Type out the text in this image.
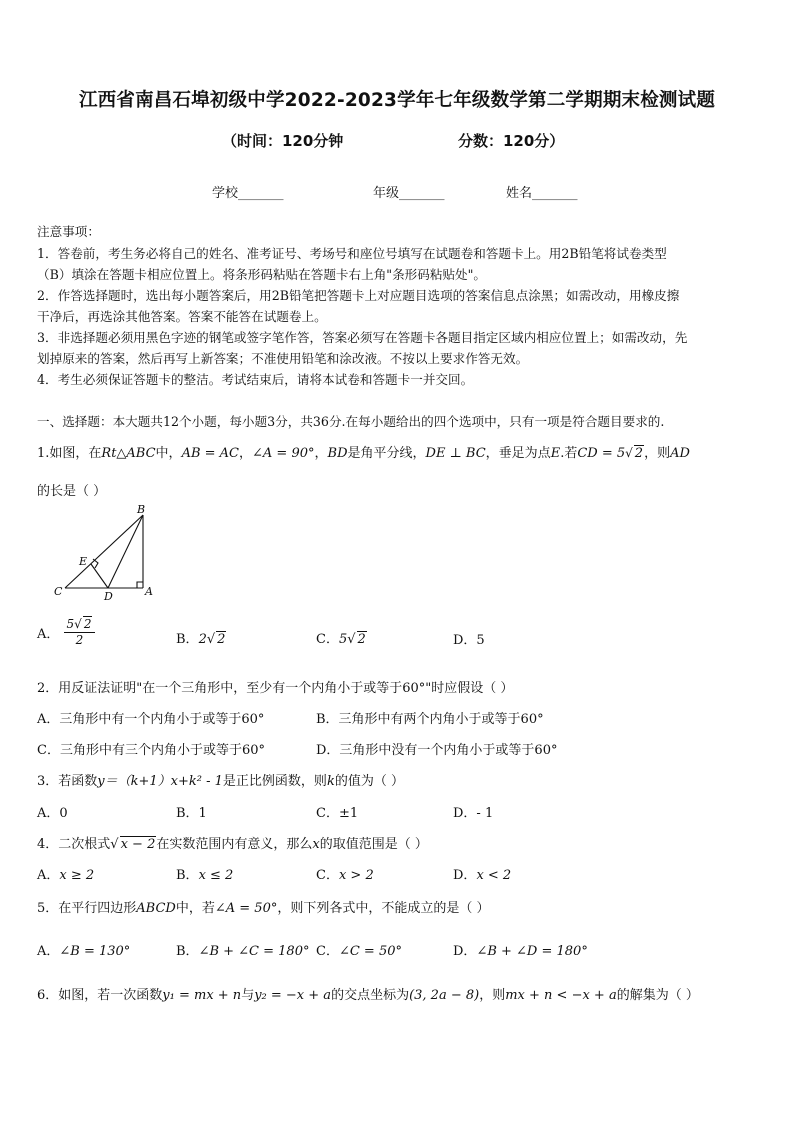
江西省南昌石埠初级中学2022-2023学年七年级数学第二学期期末检测试题
（时间：120分钟	分数：120分）
学校_______	年级_______	姓名_______
注意事项：
1．答卷前，考生务必将自己的姓名、准考证号、考场号和座位号填写在试题卷和答题卡上。用2B铅笔将试卷类型
（B）填涂在答题卡相应位置上。将条形码粘贴在答题卡右上角"条形码粘贴处"。
2．作答选择题时，选出每小题答案后，用2B铅笔把答题卡上对应题目选项的答案信息点涂黑；如需改动，用橡皮擦
干净后，再选涂其他答案。答案不能答在试题卷上。
3．非选择题必须用黑色字迹的钢笔或签字笔作答，答案必须写在答题卡各题目指定区域内相应位置上；如需改动，先
划掉原来的答案，然后再写上新答案；不准使用铅笔和涂改液。不按以上要求作答无效。
4．考生必须保证答题卡的整洁。考试结束后，请将本试卷和答题卡一并交回。
一、选择题：本大题共12个小题，每小题3分，共36分.在每小题给出的四个选项中，只有一项是符合题目要求的.
1.如图，在Rt△ABC中，AB = AC，∠A = 90°，BD是角平分线，DE ⊥ BC，垂足为点E.若CD = 5√ 2，则AD
的长是（ ）
B
E
C	D	A
A． $\frac{5√ 2}{2}$	B．2√ 2	C．5√ 2	D．5
2．用反证法证明"在一个三角形中，至少有一个内角小于或等于60°"时应假设（ ）
A．三角形中有一个内角小于或等于60°	B．三角形中有两个内角小于或等于60°
C．三角形中有三个内角小于或等于60°	D．三角形中没有一个内角小于或等于60°
3．若函数y＝（k+1）x+k² - 1是正比例函数，则k的值为（ ）
A．0	B．1	C．±1	D．- 1
4．二次根式√ x − 2在实数范围内有意义，那么x的取值范围是（ ）
A．x ≥ 2	B．x ≤ 2	C．x > 2	D．x < 2
5．在平行四边形ABCD中，若∠A = 50°，则下列各式中，不能成立的是（ ）
A．∠B = 130°	B．∠B + ∠C = 180° C．∠C = 50°	D．∠B + ∠D = 180°
6．如图，若一次函数y₁ = mx + n与y₂ = −x + a的交点坐标为(3, 2a − 8)，则mx + n < −x + a的解集为（ ）
